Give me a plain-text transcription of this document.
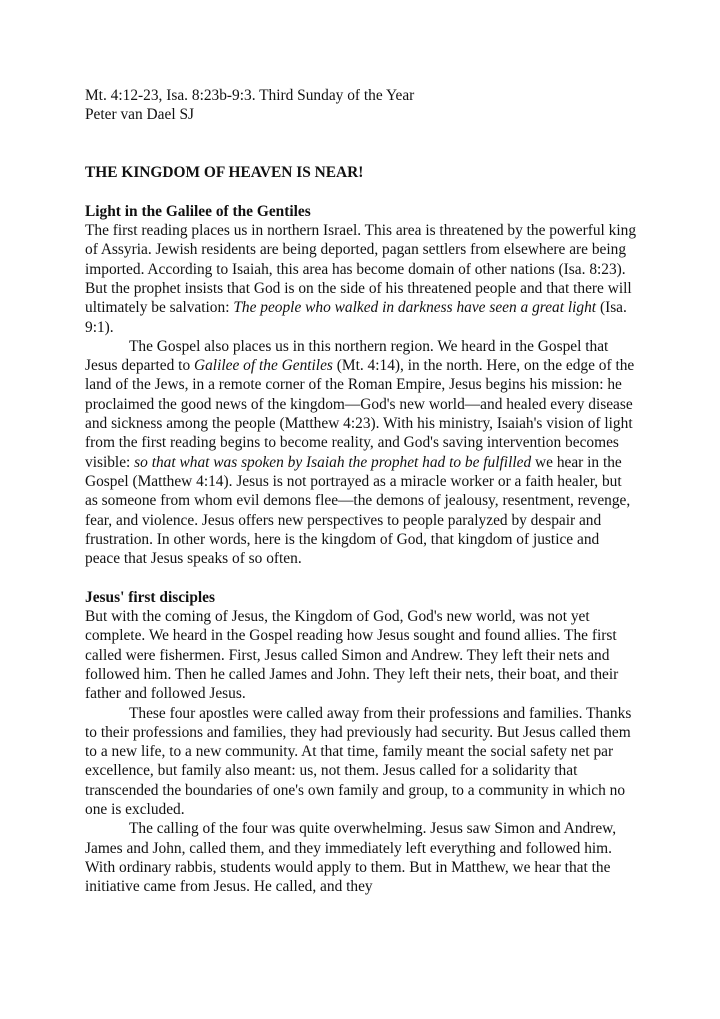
Mt. 4:12-23, Isa. 8:23b-9:3. Third Sunday of the Year

Peter van Dael SJ

THE KINGDOM OF HEAVEN IS NEAR!

Light in the Galilee of the Gentiles

The first reading places us in northern Israel. This area is threatened by the powerful king of Assyria. Jewish residents are being deported, pagan settlers from elsewhere are being imported. According to Isaiah, this area has become domain of other nations (Isa. 8:23). But the prophet insists that God is on the side of his threatened people and that there will ultimately be salvation: The people who walked in darkness have seen a great light (Isa. 9:1).

The Gospel also places us in this northern region. We heard in the Gospel that Jesus departed to Galilee of the Gentiles (Mt. 4:14), in the north. Here, on the edge of the land of the Jews, in a remote corner of the Roman Empire, Jesus begins his mission: he proclaimed the good news of the kingdom—God's new world—and healed every disease and sickness among the people (Matthew 4:23). With his ministry, Isaiah's vision of light from the first reading begins to become reality, and God's saving intervention becomes visible: so that what was spoken by Isaiah the prophet had to be fulfilled we hear in the Gospel (Matthew 4:14). Jesus is not portrayed as a miracle worker or a faith healer, but as someone from whom evil demons flee—the demons of jealousy, resentment, revenge, fear, and violence. Jesus offers new perspectives to people paralyzed by despair and frustration. In other words, here is the kingdom of God, that kingdom of justice and peace that Jesus speaks of so often.

Jesus' first disciples

But with the coming of Jesus, the Kingdom of God, God's new world, was not yet complete. We heard in the Gospel reading how Jesus sought and found allies. The first called were fishermen. First, Jesus called Simon and Andrew. They left their nets and followed him. Then he called James and John. They left their nets, their boat, and their father and followed Jesus.

These four apostles were called away from their professions and families. Thanks to their professions and families, they had previously had security. But Jesus called them to a new life, to a new community. At that time, family meant the social safety net par excellence, but family also meant: us, not them. Jesus called for a solidarity that transcended the boundaries of one's own family and group, to a community in which no one is excluded.

The calling of the four was quite overwhelming. Jesus saw Simon and Andrew, James and John, called them, and they immediately left everything and followed him. With ordinary rabbis, students would apply to them. But in Matthew, we hear that the initiative came from Jesus. He called, and they
